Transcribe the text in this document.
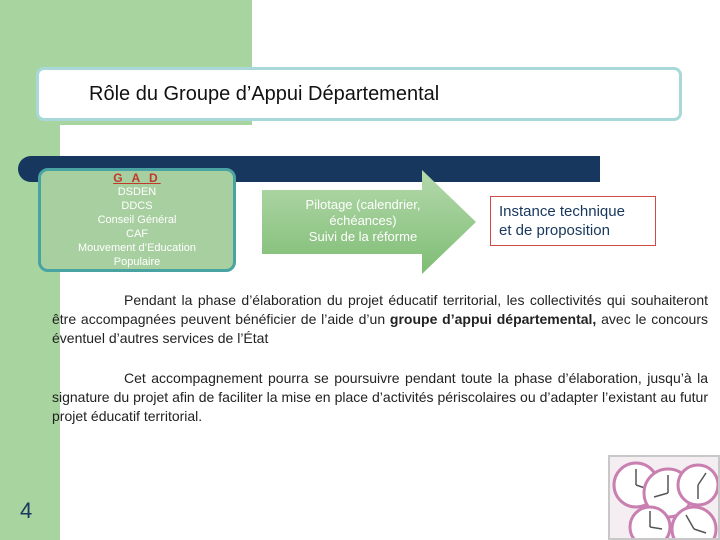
Rôle du Groupe d’Appui Départemental
G A D
DSDEN
DDCS
Conseil Général
CAF
Mouvement d’Education
Populaire
Pilotage (calendrier,
échéances)
Suivi de la réforme
Instance technique
et de proposition
Pendant la phase d’élaboration du projet éducatif territorial, les collectivités qui souhaiteront être accompagnées peuvent bénéficier de l’aide d’un groupe d’appui départemental, avec le concours éventuel d’autres services de l’État
Cet accompagnement pourra se poursuivre pendant toute la phase d’élaboration, jusqu’à la signature du projet afin de faciliter la mise en place d’activités périscolaires ou d’adapter l’existant au futur projet éducatif territorial.
4
